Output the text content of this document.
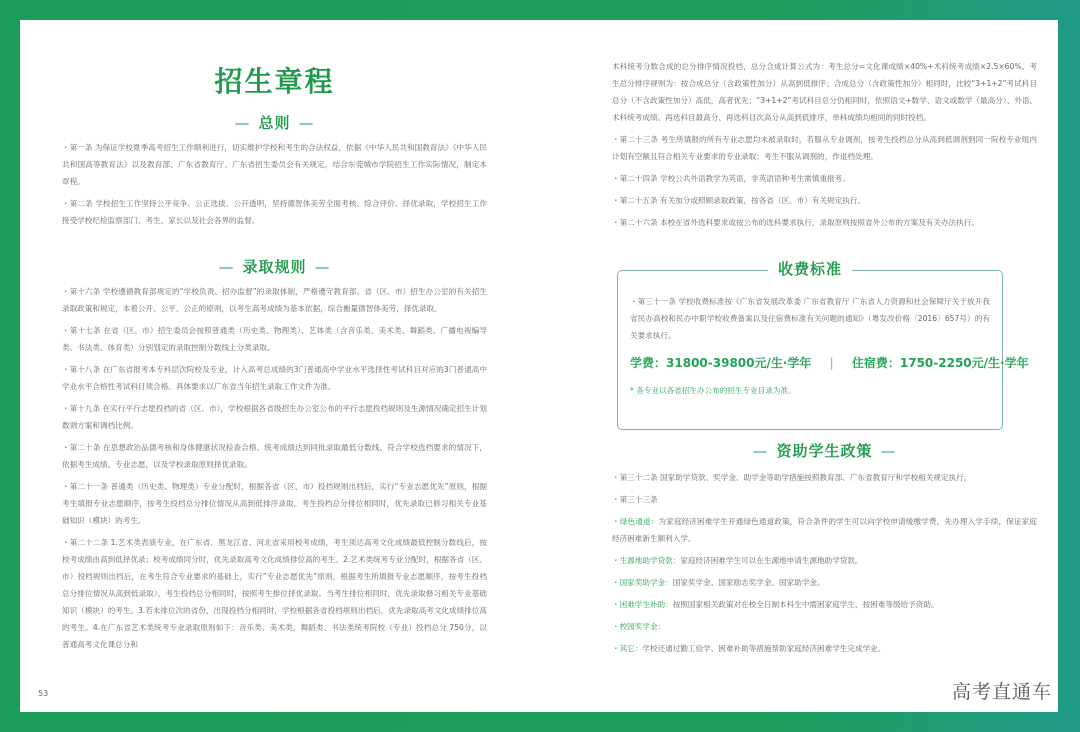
招生章程
— 总则 —

・第一条 为保证学校夏季高考招生工作顺利进行，切实维护学校和考生的合法权益，依据《中华人民共和国教育法》《中华人民共和国高等教育法》以及教育部、广东省教育厅、广东省招生委员会有关规定，结合东莞城市学院招生工作实际情况，制定本章程。

・第二条 学校招生工作坚持公平竞争、公正选拔、公开透明，坚持德智体美劳全面考核、综合评价、择优录取，学校招生工作接受学校纪检监察部门、考生、家长以及社会各界的监督。

— 录取规则 —

・第十六条 学校遵循教育部规定的“学校负责、招办监督”的录取体制，严格遵守教育部、省（区、市）招生办公室的有关招生录取政策和规定，本着公开、公平、公正的原则，以考生高考成绩为基本依据，综合衡量德智体美劳，择优录取。

・第十七条 在省（区、市）招生委员会按照普通类（历史类、物理类）、艺体类（含音乐类、美术类、舞蹈类、广播电视编导类、书法类、体育类）分别划定的录取控制分数线上分类录取。

・第十八条 在广东省报考本专科层次院校及专业，计入高考总成绩的3门普通高中学业水平选择性考试科目对应的3门普通高中学业水平合格性考试科目须合格。具体要求以广东省当年招生录取工作文件为准。

・第十九条 在实行平行志愿投档的省（区、市），学校根据各省级招生办公室公布的平行志愿投档规则及生源情况确定招生计划数调方案和调档比例。

・第二十条 在思想政治品德考核和身体健康状况检查合格、统考成绩达到同批录取最低分数线、符合学校选档要求的情况下，依据考生成绩、专业志愿，以及学校录取原则择优录取。

・第二十一条 普通类（历史类、物理类）专业分配时，根据各省（区、市）投档规则出档后，实行“专业志愿优先”原则，根据考生填报专业志愿顺序，按考生投档总分排位情况从高到低排序录取。考生投档总分排位相同时，优先录取已修习相关专业基础知识（模块）的考生。

・第二十二条 1.艺术类表演专业，在广东省、黑龙江省、河北省采用校考成绩，考生须达高考文化成绩最低控制分数线后，按校考成绩由高到低择优录；校考成绩同分时，优先录取高考文化成绩排位高的考生。2.艺术类统考专业分配时，根据各省（区、市）投档规则出档后，在考生符合专业要求的基础上，实行“专业志愿优先”原则，根据考生所填报专业志愿顺序，按考生投档总分排位情况从高到低录取），考生投档总分相同时，按照考生排位择优录取。当考生排位相同时，优先录取修习相关专业基础知识（模块）的考生。3.若未排位次的省份，出现投档分相同时，学校根据各省投档规则出档后，优先录取高考文化成绩排位高的考生。4.在广东省艺术类统考专业录取原则如下：音乐类、美术类、舞蹈类、书法类统考院校（专业）投档总分 750分，以普通高考文化课总分和

术科统考分数合成的总分排序情况投档，总分合成计算公式为：考生总分=文化课成绩×40%+术科统考成绩×2.5×60%。考生总分排序规则为：按合成总分（含政策性加分）从高到低排序；合成总分（含政策性加分）相同时，比较“3+1+2”考试科目总分（不含政策性加分）高低，高者优先；“3+1+2”考试科目总分仍相同时，依照语文+数学、语文或数学（最高分）、外语、术科统考成绩、再选科目最高分、再选科目次高分从高到低排序，单科成绩均相同的同时投档。

・第二十三条 考生所填报的所有专业志愿均未被录取时，若服从专业调剂，按考生投档总分从高到低调剂到同一院校专业组内计划有空额且符合相关专业要求的专业录取；考生不服从调剂的，作退档处理。

・第二十四条 学校公共外语教学为英语，非英语语种考生需慎重报考。

・第二十五条 有关加分或照顾录取政策，按各省（区、市）有关规定执行。

・第二十六条 本校在省外选科要求或按公布的选科要求执行，录取原则按照省外公布的方案及有关办法执行。

— 资助学生政策 —

・第三十二条 国家助学贷款、奖学金、助学金等助学措施按照教育部、广东省教育厅和学校相关规定执行。

・第三十三条

・绿色通道：为家庭经济困难学生开通绿色通道政策，符合条件的学生可以向学校申请缓缴学费，先办理入学手续，保证家庭经济困难新生顺利入学。

・生源地助学贷款：家庭经济困难学生可以在生源地申请生源地助学贷款。

・国家奖助学金：国家奖学金、国家励志奖学金、国家助学金。

・困难学生补助：按照国家相关政策对在校全日制本科生中需困家庭学生，按困难等级给予资助。

・校园奖学金：

・其它：学校还通过勤工俭学、困难补助等措施帮助家庭经济困难学生完成学业。

收费标准

・第三十一条 学校收费标准按《广东省发展改革委 广东省教育厅 广东省人力资源和社会保障厅关于放开我省民办高校和民办中职学校收费备案以及住宿费标准有关问题的通知》（粤发改价格〔2016〕657号）的有关要求执行。

学费：31800-39800元/生·学年 | 住宿费：1750-2250元/生·学年

* 各专业以各省招生办公布的招生专业目录为准。

53	高考直通车
